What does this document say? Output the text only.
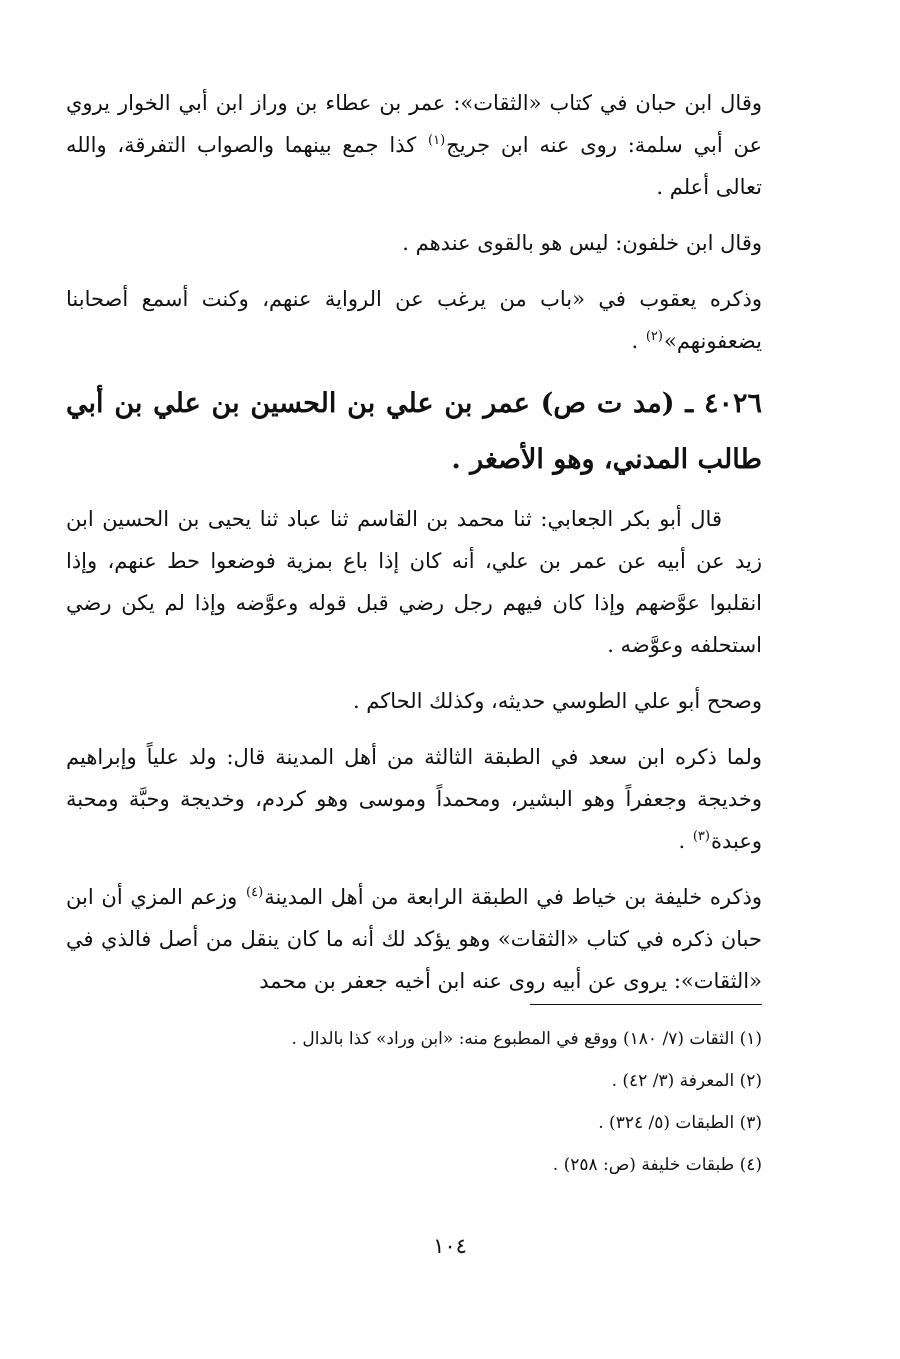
وقال ابن حبان في كتاب «الثقات»: عمر بن عطاء بن وراز ابن أبي الخوار يروي عن أبي سلمة: روى عنه ابن جريج$^{(١)}$ كذا جمع بينهما والصواب التفرقة، والله تعالى أعلم .

وقال ابن خلفون: ليس هو بالقوى عندهم .

وذكره يعقوب في «باب من يرغب عن الرواية عنهم، وكنت أسمع أصحابنا يضعفونهم»$^{(٢)}$ .

٤٠٢٦ ـ (مد ت ص) عمر بن علي بن الحسين بن علي بن أبي طالب المدني، وهو الأصغر .

قال أبو بكر الجعابي: ثنا محمد بن القاسم ثنا عباد ثنا يحيى بن الحسين ابن زيد عن أبيه عن عمر بن علي، أنه كان إذا باع بمزية فوضعوا حط عنهم، وإذا انقلبوا عوَّضهم وإذا كان فيهم رجل رضي قبل قوله وعوَّضه وإذا لم يكن رضي استحلفه وعوَّضه .

وصحح أبو علي الطوسي حديثه، وكذلك الحاكم .

ولما ذكره ابن سعد في الطبقة الثالثة من أهل المدينة قال: ولد علياً وإبراهيم وخديجة وجعفراً وهو البشير، ومحمداً وموسى وهو كردم، وخديجة وحبَّة ومحبة وعبدة$^{(٣)}$ .

وذكره خليفة بن خياط في الطبقة الرابعة من أهل المدينة$^{(٤)}$ وزعم المزي أن ابن حبان ذكره في كتاب «الثقات» وهو يؤكد لك أنه ما كان ينقل من أصل فالذي في «الثقات»: يروى عن أبيه روى عنه ابن أخيه جعفر بن محمد

(١) الثقات (٧/ ١٨٠) ووقع في المطبوع منه: «ابن وراد» كذا بالدال .

(٢) المعرفة (٣/ ٤٢) .

(٣) الطبقات (٥/ ٣٢٤) .

(٤) طبقات خليفة (ص: ٢٥٨) .

١٠٤
